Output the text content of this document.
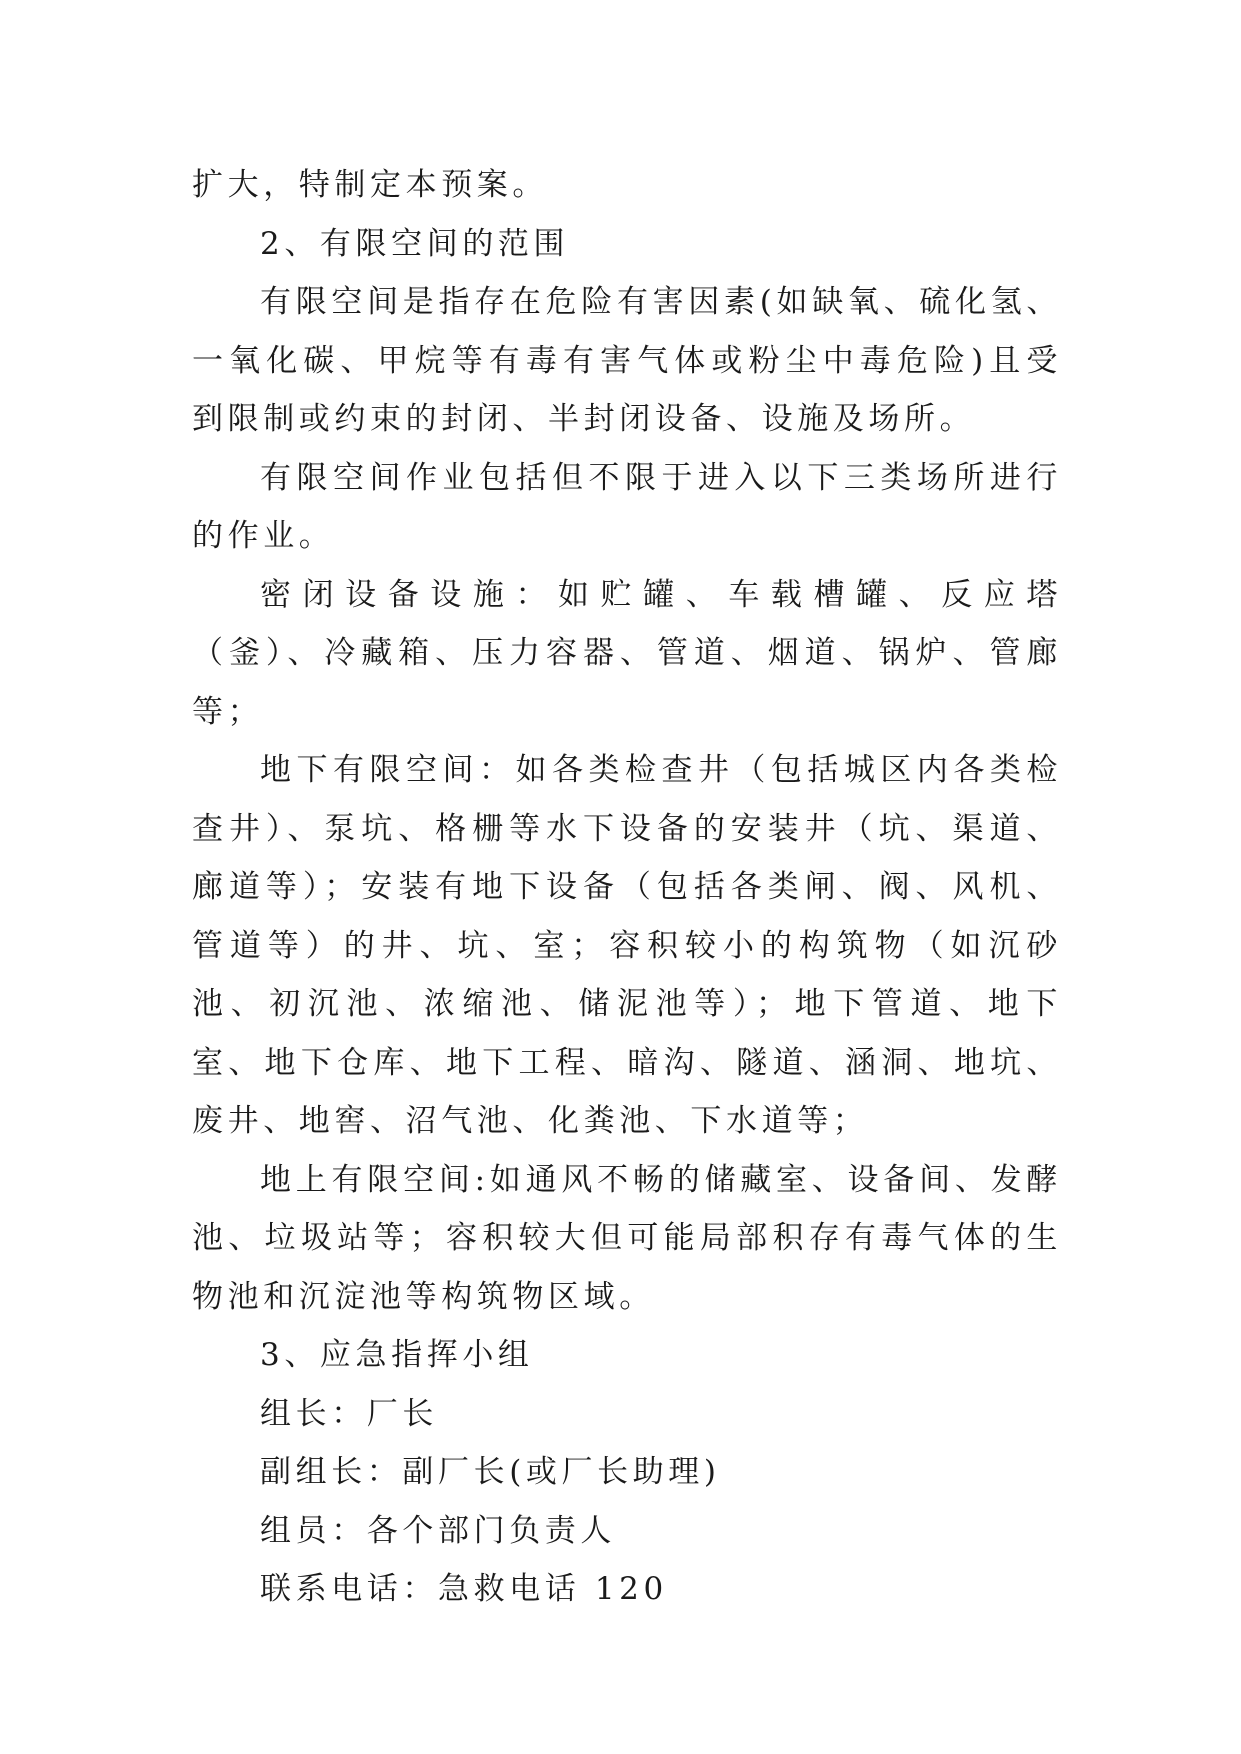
扩大，特制定本预案。

2、有限空间的范围

有限空间是指存在危险有害因素(如缺氧、硫化氢、一氧化碳、甲烷等有毒有害气体或粉尘中毒危险)且受到限制或约束的封闭、半封闭设备、设施及场所。

有限空间作业包括但不限于进入以下三类场所进行的作业。

密闭设备设施：如贮罐、车载槽罐、反应塔（釜）、冷藏箱、压力容器、管道、烟道、锅炉、管廊等；

地下有限空间：如各类检查井（包括城区内各类检查井）、泵坑、格栅等水下设备的安装井（坑、渠道、廊道等）；安装有地下设备（包括各类闸、阀、风机、管道等）的井、坑、室；容积较小的构筑物（如沉砂池、初沉池、浓缩池、储泥池等）；地下管道、地下室、地下仓库、地下工程、暗沟、隧道、涵洞、地坑、废井、地窖、沼气池、化粪池、下水道等；

地上有限空间:如通风不畅的储藏室、设备间、发酵池、垃圾站等；容积较大但可能局部积存有毒气体的生物池和沉淀池等构筑物区域。

3、应急指挥小组

组长：厂长

副组长：副厂长(或厂长助理)

组员：各个部门负责人

联系电话：急救电话 120
